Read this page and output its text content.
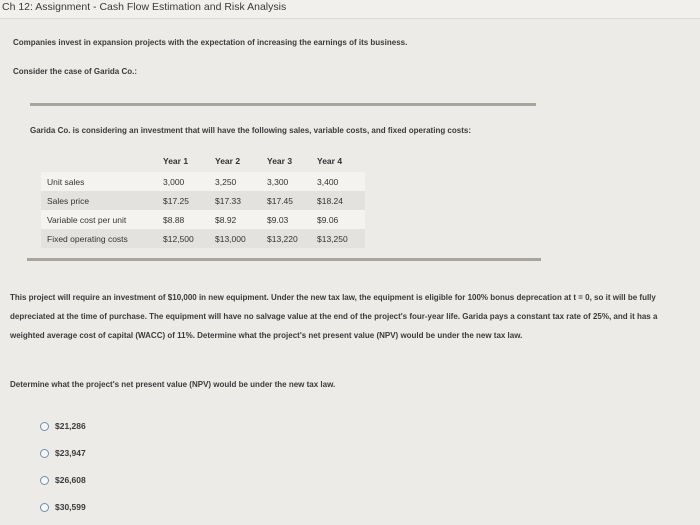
Ch 12: Assignment - Cash Flow Estimation and Risk Analysis
Companies invest in expansion projects with the expectation of increasing the earnings of its business.
Consider the case of Garida Co.:
Garida Co. is considering an investment that will have the following sales, variable costs, and fixed operating costs:
	Year 1	Year 2	Year 3	Year 4
Unit sales	3,000	3,250	3,300	3,400
Sales price	$17.25	$17.33	$17.45	$18.24
Variable cost per unit	$8.88	$8.92	$9.03	$9.06
Fixed operating costs	$12,500	$13,000	$13,220	$13,250
This project will require an investment of $10,000 in new equipment. Under the new tax law, the equipment is eligible for 100% bonus deprecation at t = 0, so it will be fully depreciated at the time of purchase. The equipment will have no salvage value at the end of the project's four-year life. Garida pays a constant tax rate of 25%, and it has a weighted average cost of capital (WACC) of 11%. Determine what the project's net present value (NPV) would be under the new tax law.
Determine what the project's net present value (NPV) would be under the new tax law.
$21,286
$23,947
$26,608
$30,599
